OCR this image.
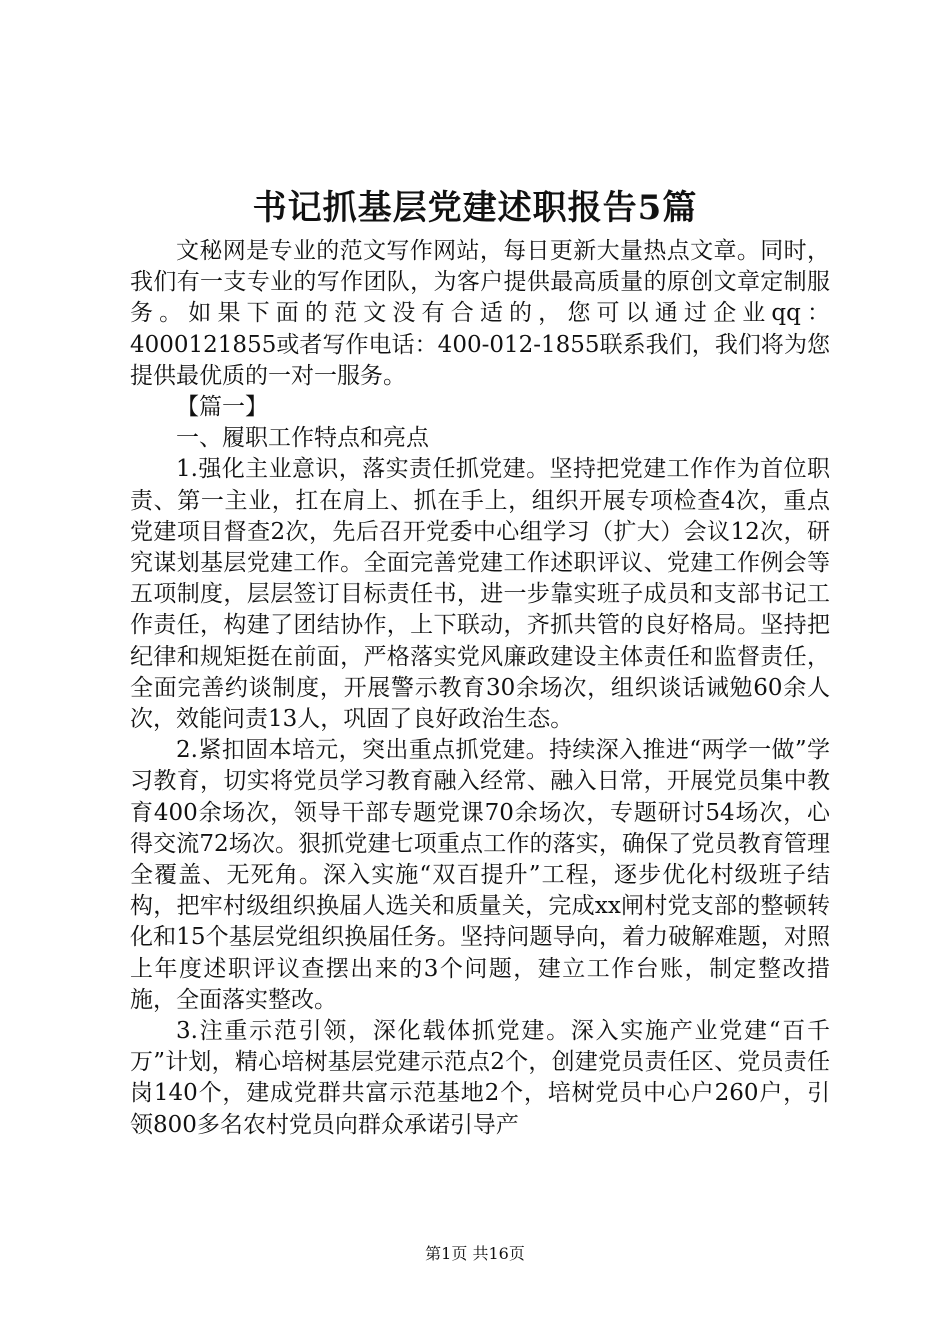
书记抓基层党建述职报告5篇

文秘网是专业的范文写作网站，每日更新大量热点文章。同时，我们有一支专业的写作团队，为客户提供最高质量的原创文章定制服务。如果下面的范文没有合适的，您可以通过企业qq：4000121855或者写作电话：400-012-1855联系我们，我们将为您提供最优质的一对一服务。

【篇一】

一、履职工作特点和亮点

1.强化主业意识，落实责任抓党建。坚持把党建工作作为首位职责、第一主业，扛在肩上、抓在手上，组织开展专项检查4次，重点党建项目督查2次，先后召开党委中心组学习（扩大）会议12次，研究谋划基层党建工作。全面完善党建工作述职评议、党建工作例会等五项制度，层层签订目标责任书，进一步靠实班子成员和支部书记工作责任，构建了团结协作，上下联动，齐抓共管的良好格局。坚持把纪律和规矩挺在前面，严格落实党风廉政建设主体责任和监督责任，全面完善约谈制度，开展警示教育30余场次，组织谈话诫勉60余人次，效能问责13人，巩固了良好政治生态。

2.紧扣固本培元，突出重点抓党建。持续深入推进“两学一做”学习教育，切实将党员学习教育融入经常、融入日常，开展党员集中教育400余场次，领导干部专题党课70余场次，专题研讨54场次，心得交流72场次。狠抓党建七项重点工作的落实，确保了党员教育管理全覆盖、无死角。深入实施“双百提升”工程，逐步优化村级班子结构，把牢村级组织换届人选关和质量关，完成xx闸村党支部的整顿转化和15个基层党组织换届任务。坚持问题导向，着力破解难题，对照上年度述职评议查摆出来的3个问题，建立工作台账，制定整改措施，全面落实整改。

3.注重示范引领，深化载体抓党建。深入实施产业党建“百千万”计划，精心培树基层党建示范点2个，创建党员责任区、党员责任岗140个，建成党群共富示范基地2个，培树党员中心户260户，引领800多名农村党员向群众承诺引导产

第1页 共16页
